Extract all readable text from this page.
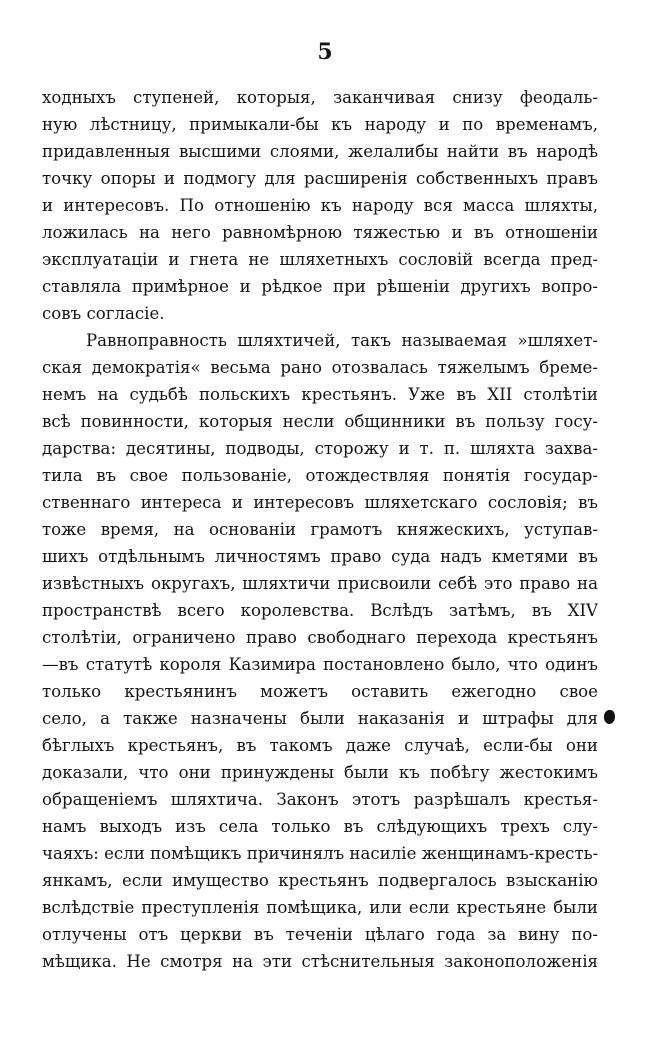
5
ходныхъ ступеней, которыя, заканчивая снизу феодаль-
ную лѣстницу, примыкали-бы къ народу и по временамъ,
придавленныя высшими слоями, желалибы найти въ народѣ
точку опоры и подмогу для расширенія собственныхъ правъ
и интересовъ. По отношенію къ народу вся масса шляхты,
ложилась на него равномѣрною тяжестью и въ отношеніи
эксплуатаціи и гнета не шляхетныхъ сословій всегда пред-
ставляла примѣрное и рѣдкое при рѣшеніи другихъ вопро-
совъ согласіе.
Равноправность шляхтичей, такъ называемая »шляхет-
ская демократія« весьма рано отозвалась тяжелымъ бреме-
немъ на судьбѣ польскихъ крестьянъ. Уже въ XII столѣтіи
всѣ повинности, которыя несли общинники въ пользу госу-
дарства: десятины, подводы, сторожу и т. п. шляхта захва-
тила въ свое пользованіе, отождествляя понятія государ-
ственнаго интереса и интересовъ шляхетскаго сословія; въ
тоже время, на основаніи грамотъ княжескихъ, уступав-
шихъ отдѣльнымъ личностямъ право суда надъ кметями въ
извѣстныхъ округахъ, шляхтичи присвоили себѣ это право на
пространствѣ всего королевства. Вслѣдъ затѣмъ, въ XIV
столѣтіи, ограничено право свободнаго перехода крестьянъ
—въ статутѣ короля Казимира постановлено было, что одинъ
только крестьянинъ можетъ оставить ежегодно свое
село, а также назначены были наказанія и штрафы для
бѣглыхъ крестьянъ, въ такомъ даже случаѣ, если-бы они
доказали, что они принуждены были къ побѣгу жестокимъ
обращеніемъ шляхтича. Законъ этотъ разрѣшалъ крестья-
намъ выходъ изъ села только въ слѣдующихъ трехъ слу-
чаяхъ: если помѣщикъ причинялъ насиліе женщинамъ-кресть-
янкамъ, если имущество крестьянъ подвергалось взысканію
вслѣдствіе преступленія помѣщика, или если крестьяне были
отлучены отъ церкви въ теченіи цѣлаго года за вину по-
мѣщика. Не смотря на эти стѣснительныя законоположенія
